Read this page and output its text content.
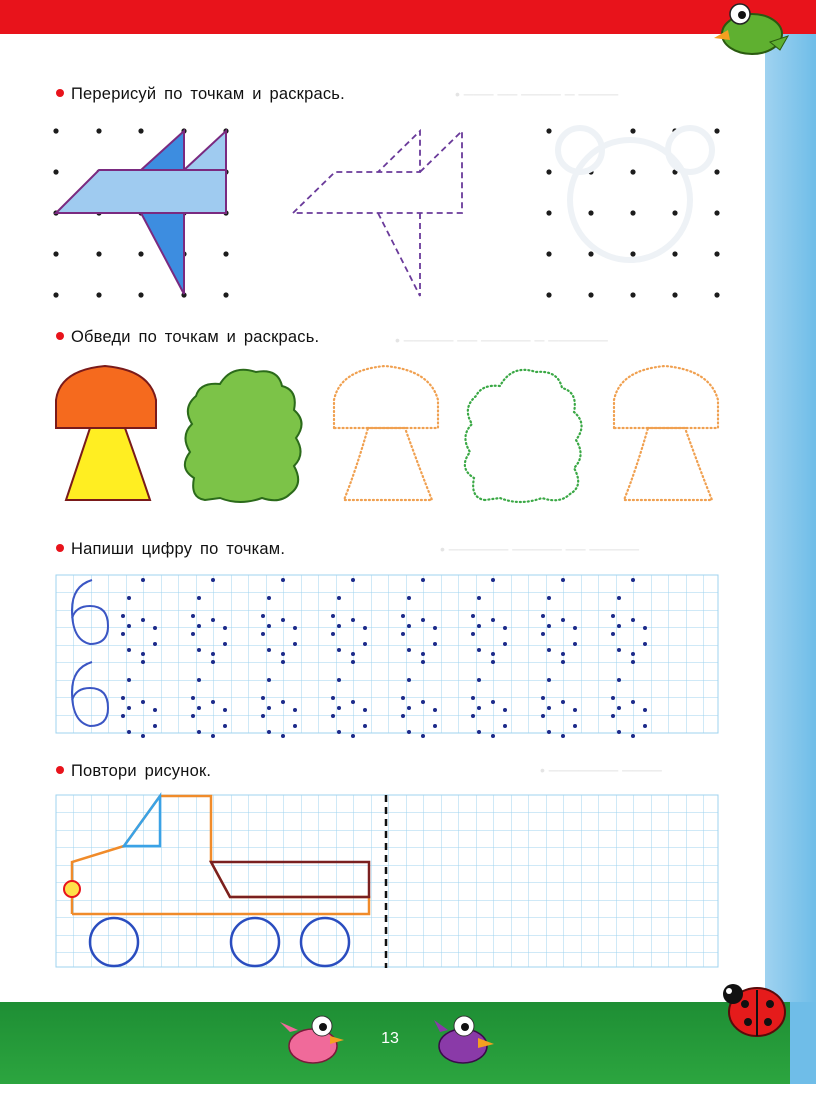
• ─── ── ──── ─ ────
• ───── ── ───── ─ ──────
• ────── ───── ── ─────
• ─────── ────
Перерисуй по точкам и раскрась.
Обведи по точкам и раскрась.
Напиши цифру по точкам.
Повтори рисунок.
13
